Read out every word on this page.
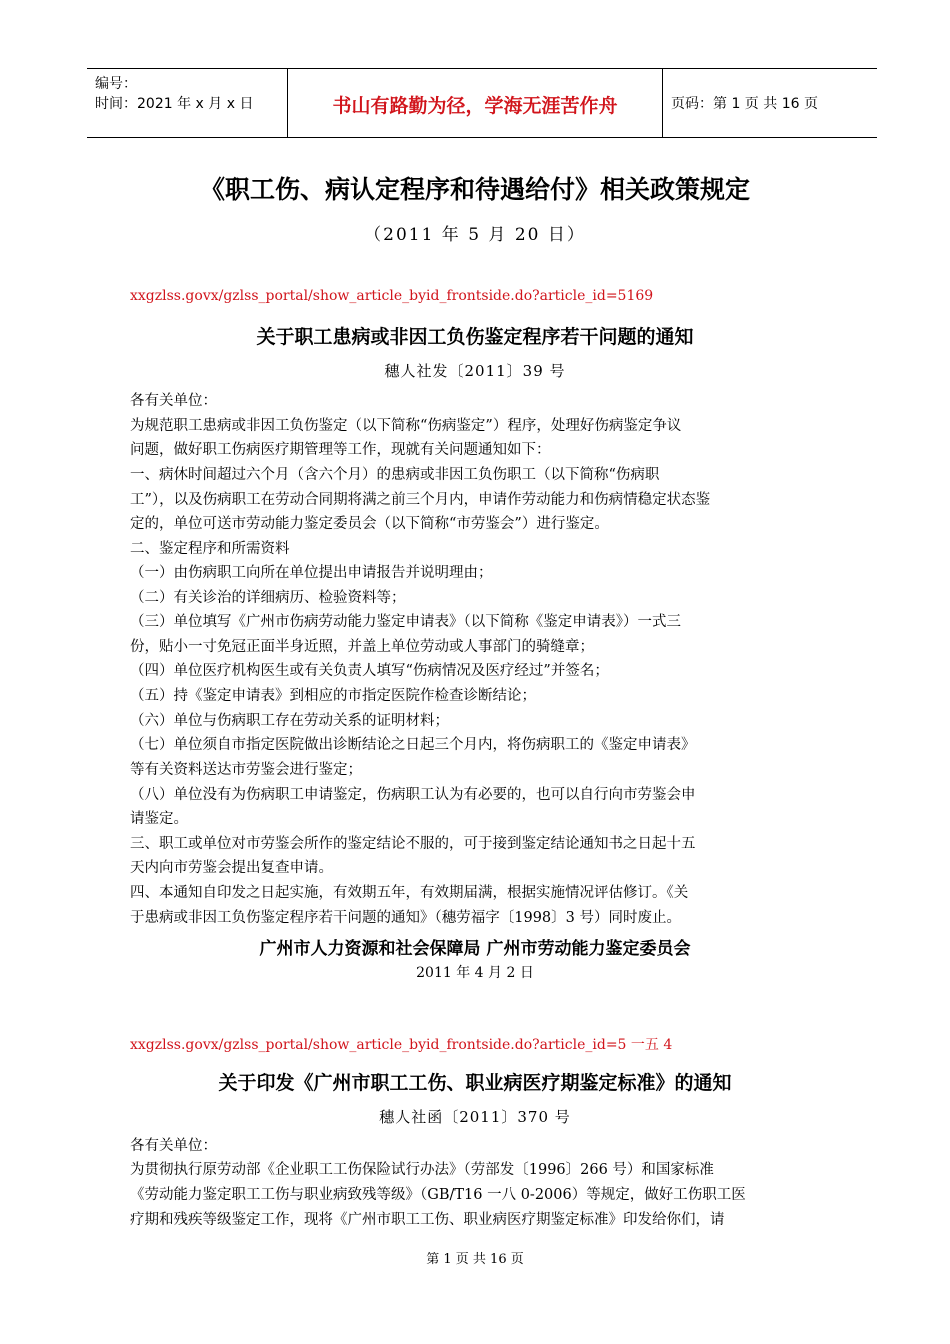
编号：
时间：2021 年 x 月 x 日	书山有路勤为径，学海无涯苦作舟	页码：第 1 页 共 16 页
《职工伤、病认定程序和待遇给付》相关政策规定
（2011 年 5 月 20 日）
xxgzlss.govx/gzlss_portal/show_article_byid_frontside.do?article_id=5169
关于职工患病或非因工负伤鉴定程序若干问题的通知
穗人社发〔2011〕39 号
各有关单位：
为规范职工患病或非因工负伤鉴定（以下简称“伤病鉴定”）程序，处理好伤病鉴定争议
问题，做好职工伤病医疗期管理等工作，现就有关问题通知如下：
一、病休时间超过六个月（含六个月）的患病或非因工负伤职工（以下简称“伤病职
工”），以及伤病职工在劳动合同期将满之前三个月内，申请作劳动能力和伤病情稳定状态鉴
定的，单位可送市劳动能力鉴定委员会（以下简称“市劳鉴会”）进行鉴定。
二、鉴定程序和所需资料
（一）由伤病职工向所在单位提出申请报告并说明理由；
（二）有关诊治的详细病历、检验资料等；
（三）单位填写《广州市伤病劳动能力鉴定申请表》（以下简称《鉴定申请表》）一式三
份，贴小一寸免冠正面半身近照，并盖上单位劳动或人事部门的骑缝章；
（四）单位医疗机构医生或有关负责人填写“伤病情况及医疗经过”并签名；
（五）持《鉴定申请表》到相应的市指定医院作检查诊断结论；
（六）单位与伤病职工存在劳动关系的证明材料；
（七）单位须自市指定医院做出诊断结论之日起三个月内，将伤病职工的《鉴定申请表》
等有关资料送达市劳鉴会进行鉴定；
（八）单位没有为伤病职工申请鉴定，伤病职工认为有必要的，也可以自行向市劳鉴会申
请鉴定。
三、职工或单位对市劳鉴会所作的鉴定结论不服的，可于接到鉴定结论通知书之日起十五
天内向市劳鉴会提出复查申请。
四、本通知自印发之日起实施，有效期五年，有效期届满，根据实施情况评估修订。《关
于患病或非因工负伤鉴定程序若干问题的通知》（穗劳福字〔1998〕3 号）同时废止。
广州市人力资源和社会保障局 广州市劳动能力鉴定委员会
2011 年 4 月 2 日
xxgzlss.govx/gzlss_portal/show_article_byid_frontside.do?article_id=5 一五 4
关于印发《广州市职工工伤、职业病医疗期鉴定标准》的通知
穗人社函〔2011〕370 号
各有关单位：
为贯彻执行原劳动部《企业职工工伤保险试行办法》（劳部发〔1996〕266 号）和国家标准
《劳动能力鉴定职工工伤与职业病致残等级》（GB/T16 一八 0-2006）等规定，做好工伤职工医
疗期和残疾等级鉴定工作，现将《广州市职工工伤、职业病医疗期鉴定标准》印发给你们，请
第 1 页 共 16 页
